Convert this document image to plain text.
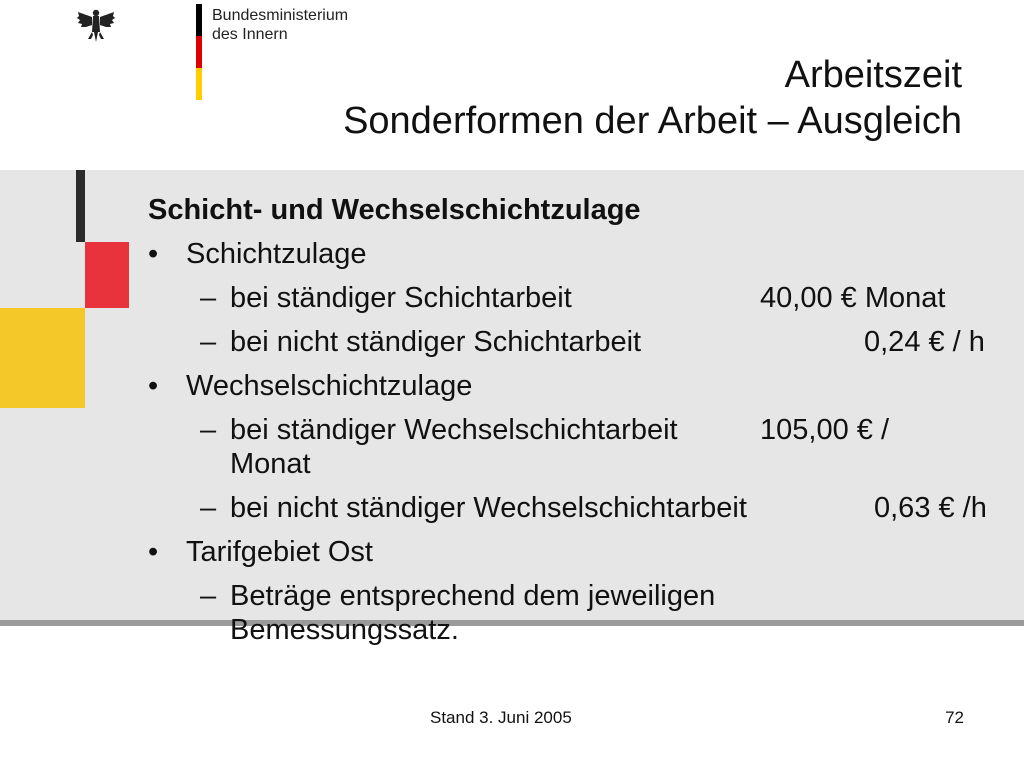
Bundesministerium
des Innern
Arbeitszeit
Sonderformen der Arbeit – Ausgleich
Schicht- und Wechselschichtzulage
• Schichtzulage
– bei ständiger Schichtarbeit	40,00 € Monat
– bei nicht ständiger Schichtarbeit	0,24 € / h
• Wechselschichtzulage
– bei ständiger Wechselschichtarbeit	105,00 € /
Monat
– bei nicht ständiger Wechselschichtarbeit	0,63 € /h
• Tarifgebiet Ost
– Beträge entsprechend dem jeweiligen Bemessungssatz.
Stand 3. Juni 2005	72
